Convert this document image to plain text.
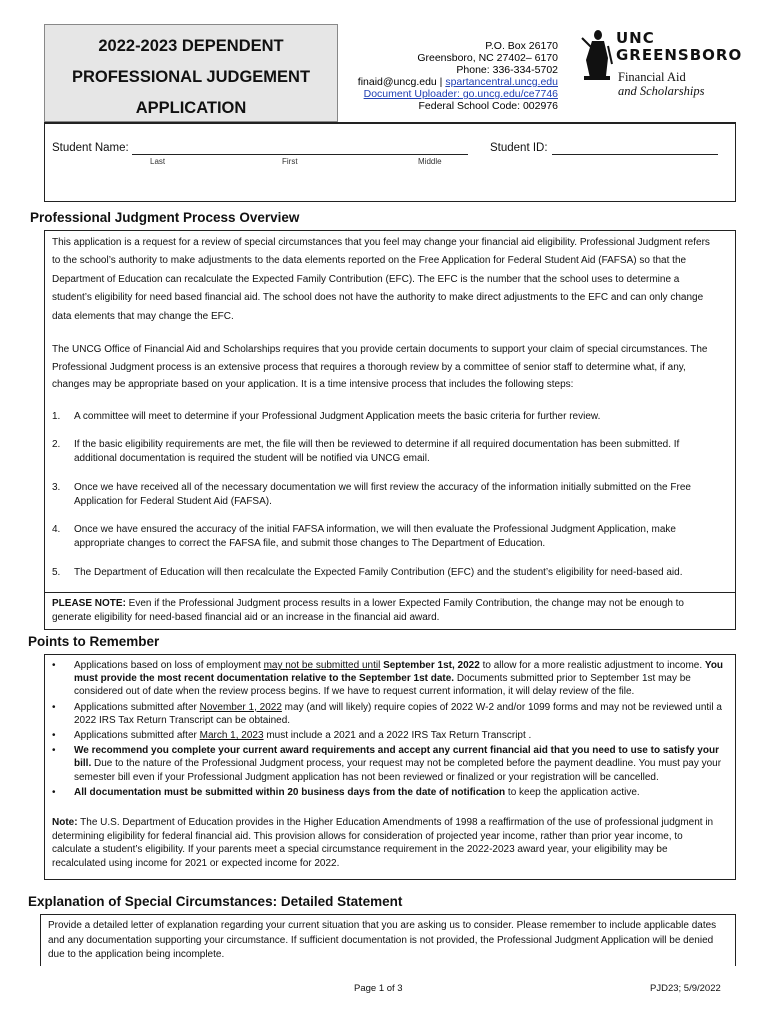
2022-2023 DEPENDENT
PROFESSIONAL JUDGEMENT
APPLICATION
P.O. Box 26170
Greensboro, NC 27402– 6170
Phone: 336-334-5702
finaid@uncg.edu | spartancentral.uncg.edu
Document Uploader: go.uncg.edu/ce7746
Federal School Code: 002976
UNC
GREENSBORO
Financial Aid
and Scholarships
Student Name:
Last	First	Middle
Student ID:
Professional Judgment Process Overview
This application is a request for a review of special circumstances that you feel may change your financial aid eligibility. Professional Judgment refers to the school’s authority to make adjustments to the data elements reported on the Free Application for Federal Student Aid (FAFSA) so that the Department of Education can recalculate the Expected Family Contribution (EFC). The EFC is the number that the school uses to determine a student’s eligibility for need based financial aid. The school does not have the authority to make direct adjustments to the EFC and can only change data elements that may change the EFC.
The UNCG Office of Financial Aid and Scholarships requires that you provide certain documents to support your claim of special circumstances. The Professional Judgment process is an extensive process that requires a thorough review by a committee of senior staff to determine what, if any, changes may be appropriate based on your application. It is a time intensive process that includes the following steps:
1. A committee will meet to determine if your Professional Judgment Application meets the basic criteria for further review.
2. If the basic eligibility requirements are met, the file will then be reviewed to determine if all required documentation has been submitted. If additional documentation is required the student will be notified via UNCG email.
3. Once we have received all of the necessary documentation we will first review the accuracy of the information initially submitted on the Free Application for Federal Student Aid (FAFSA).
4. Once we have ensured the accuracy of the initial FAFSA information, we will then evaluate the Professional Judgment Application, make appropriate changes to correct the FAFSA file, and submit those changes to The Department of Education.
5. The Department of Education will then recalculate the Expected Family Contribution (EFC) and the student’s eligibility for need-based aid.
PLEASE NOTE: Even if the Professional Judgment process results in a lower Expected Family Contribution, the change may not be enough to generate eligibility for need-based financial aid or an increase in the financial aid award.
Points to Remember
• Applications based on loss of employment may not be submitted until September 1st, 2022 to allow for a more realistic adjustment to income. You must provide the most recent documentation relative to the September 1st date. Documents submitted prior to September 1st may be considered out of date when the review process begins. If we have to request current information, it will delay review of the file.
• Applications submitted after November 1, 2022 may (and will likely) require copies of 2022 W-2 and/or 1099 forms and may not be reviewed until a 2022 IRS Tax Return Transcript can be obtained.
• Applications submitted after March 1, 2023 must include a 2021 and a 2022 IRS Tax Return Transcript .
• We recommend you complete your current award requirements and accept any current financial aid that you need to use to satisfy your bill. Due to the nature of the Professional Judgment process, your request may not be completed before the payment deadline. You must pay your semester bill even if your Professional Judgment application has not been reviewed or finalized or your registration will be cancelled.
• All documentation must be submitted within 20 business days from the date of notification to keep the application active.
Note: The U.S. Department of Education provides in the Higher Education Amendments of 1998 a reaffirmation of the use of professional judgment in determining eligibility for federal financial aid. This provision allows for consideration of projected year income, rather than prior year income, to calculate a student’s eligibility. If your parents meet a special circumstance requirement in the 2022-2023 award year, your eligibility may be recalculated using income for 2021 or expected income for 2022.
Explanation of Special Circumstances: Detailed Statement
Provide a detailed letter of explanation regarding your current situation that you are asking us to consider. Please remember to include applicable dates and any documentation supporting your circumstance. If sufficient documentation is not provided, the Professional Judgment Application will be denied due to the application being incomplete.
Page 1 of 3	PJD23; 5/9/2022
